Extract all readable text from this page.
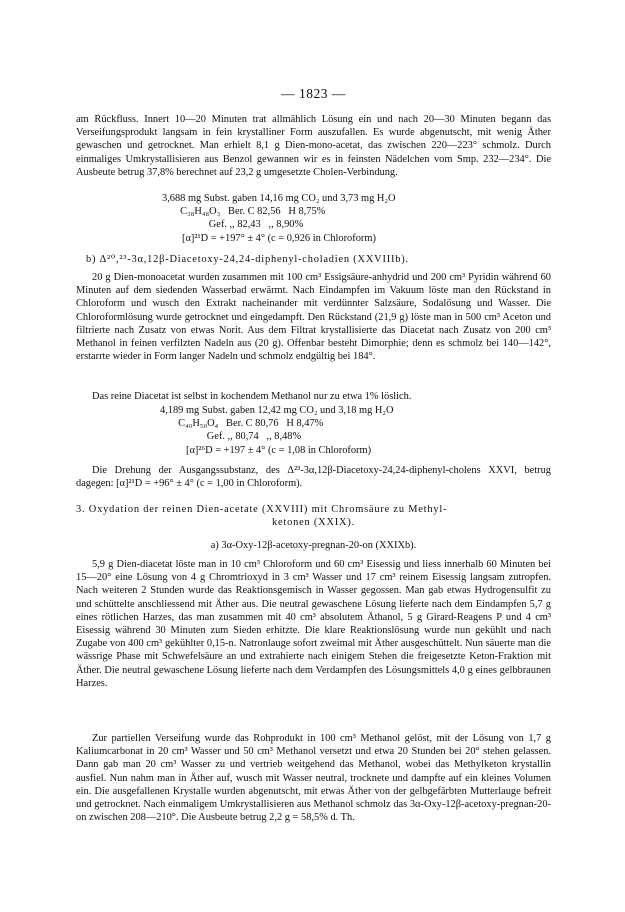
— 1823 —

am Rückfluss. Innert 10—20 Minuten trat allmählich Lösung ein und nach 20—30 Minuten begann das Verseifungsprodukt langsam in fein krystalliner Form auszufallen. Es wurde abgenutscht, mit wenig Äther gewaschen und getrocknet. Man erhielt 8,1 g Dien-mono-acetat, das zwischen 220—223° schmolz. Durch einmaliges Umkrystallisieren aus Benzol gewannen wir es in feinsten Nädelchen vom Smp. 232—234°. Die Ausbeute betrug 37,8% berechnet auf 23,2 g umgesetzte Cholen-Verbindung.

3,688 mg Subst. gaben 14,16 mg CO₂ und 3,73 mg H₂O
C₃₈H₄₈O₃   Ber. C 82,56   H 8,75%
Gef. ,, 82,43   ,, 8,90%
[α]²¹D = +197° ± 4° (c = 0,926 in Chloroform)

b) Δ²⁰,²³-3α,12β-Diacetoxy-24,24-diphenyl-choladien (XXVIIIb).

20 g Dien-monoacetat wurden zusammen mit 100 cm³ Essigsäure-anhydrid und 200 cm³ Pyridin während 60 Minuten auf dem siedenden Wasserbad erwärmt. Nach Eindampfen im Vakuum löste man den Rückstand in Chloroform und wusch den Extrakt nacheinander mit verdünnter Salzsäure, Sodalösung und Wasser. Die Chloroformlösung wurde getrocknet und eingedampft. Den Rückstand (21,9 g) löste man in 500 cm³ Aceton und filtrierte nach Zusatz von etwas Norit. Aus dem Filtrat krystallisierte das Diacetat nach Zusatz von 200 cm³ Methanol in feinen verfilzten Nadeln aus (20 g). Offenbar besteht Dimorphie; denn es schmolz bei 140—142°, erstarrte wieder in Form langer Nadeln und schmolz endgültig bei 184°.

Das reine Diacetat ist selbst in kochendem Methanol nur zu etwa 1% löslich.

4,189 mg Subst. gaben 12,42 mg CO₂ und 3,18 mg H₂O
C₄₀H₅₀O₄   Ber. C 80,76   H 8,47%
Gef. ,, 80,74   ,, 8,48%
[α]²⁶D = +197 ± 4° (c = 1,08 in Chloroform)

Die Drehung der Ausgangssubstanz, des Δ²³-3α,12β-Diacetoxy-24,24-diphenyl-cholens XXVI, betrug dagegen: [α]²¹D = +96° ± 4° (c = 1,00 in Chloroform).

3. Oxydation der reinen Dien-acetate (XXVIII) mit Chromsäure zu Methyl-

ketonen (XXIX).

a) 3α-Oxy-12β-acetoxy-pregnan-20-on (XXIXb).

5,9 g Dien-diacetat löste man in 10 cm³ Chloroform und 60 cm³ Eisessig und liess innerhalb 60 Minuten bei 15—20° eine Lösung von 4 g Chromtrioxyd in 3 cm³ Wasser und 17 cm³ reinem Eisessig langsam zutropfen. Nach weiteren 2 Stunden wurde das Reaktionsgemisch in Wasser gegossen. Man gab etwas Hydrogensulfit zu und schüttelte anschliessend mit Äther aus. Die neutral gewaschene Lösung lieferte nach dem Eindampfen 5,7 g eines rötlichen Harzes, das man zusammen mit 40 cm³ absolutem Äthanol, 5 g Girard-Reagens P und 4 cm³ Eisessig während 30 Minuten zum Sieden erhitzte. Die klare Reaktionslösung wurde nun gekühlt und nach Zugabe von 400 cm³ gekühlter 0,15-n. Natronlauge sofort zweimal mit Äther ausgeschüttelt. Nun säuerte man die wässrige Phase mit Schwefelsäure an und extrahierte nach einigem Stehen die freigesetzte Keton-Fraktion mit Äther. Die neutral gewaschene Lösung lieferte nach dem Verdampfen des Lösungsmittels 4,0 g eines gelbbraunen Harzes.

Zur partiellen Verseifung wurde das Rohprodukt in 100 cm³ Methanol gelöst, mit der Lösung von 1,7 g Kaliumcarbonat in 20 cm³ Wasser und 50 cm³ Methanol versetzt und etwa 20 Stunden bei 20° stehen gelassen. Dann gab man 20 cm³ Wasser zu und vertrieb weitgehend das Methanol, wobei das Methylketon krystallin ausfiel. Nun nahm man in Äther auf, wusch mit Wasser neutral, trocknete und dampfte auf ein kleines Volumen ein. Die ausgefallenen Krystalle wurden abgenutscht, mit etwas Äther von der gelbgefärbten Mutterlauge befreit und getrocknet. Nach einmaligem Umkrystallisieren aus Methanol schmolz das 3α-Oxy-12β-acetoxy-pregnan-20-on zwischen 208—210°. Die Ausbeute betrug 2,2 g = 58,5% d. Th.
